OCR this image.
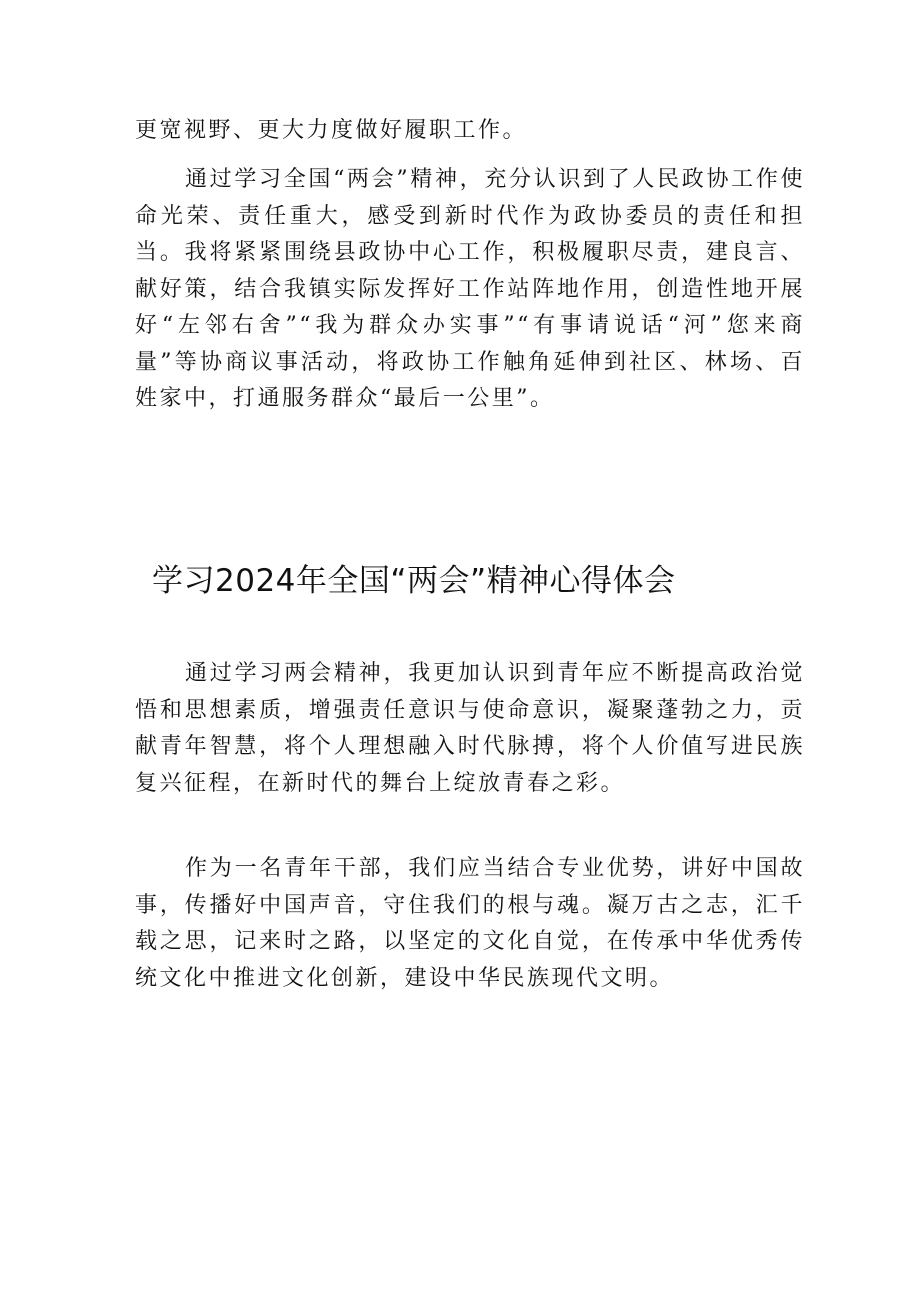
更宽视野、更大力度做好履职工作。

通过学习全国“两会”精神，充分认识到了人民政协工作使命光荣、责任重大，感受到新时代作为政协委员的责任和担当。我将紧紧围绕县政协中心工作，积极履职尽责，建良言、献好策，结合我镇实际发挥好工作站阵地作用，创造性地开展好“左邻右舍”“我为群众办实事”“有事请说话“河”您来商量”等协商议事活动，将政协工作触角延伸到社区、林场、百姓家中，打通服务群众“最后一公里”。

学习2024年全国“两会”精神心得体会

通过学习两会精神，我更加认识到青年应不断提高政治觉悟和思想素质，增强责任意识与使命意识，凝聚蓬勃之力，贡献青年智慧，将个人理想融入时代脉搏，将个人价值写进民族复兴征程，在新时代的舞台上绽放青春之彩。

作为一名青年干部，我们应当结合专业优势，讲好中国故事，传播好中国声音，守住我们的根与魂。凝万古之志，汇千载之思，记来时之路，以坚定的文化自觉，在传承中华优秀传统文化中推进文化创新，建设中华民族现代文明。
